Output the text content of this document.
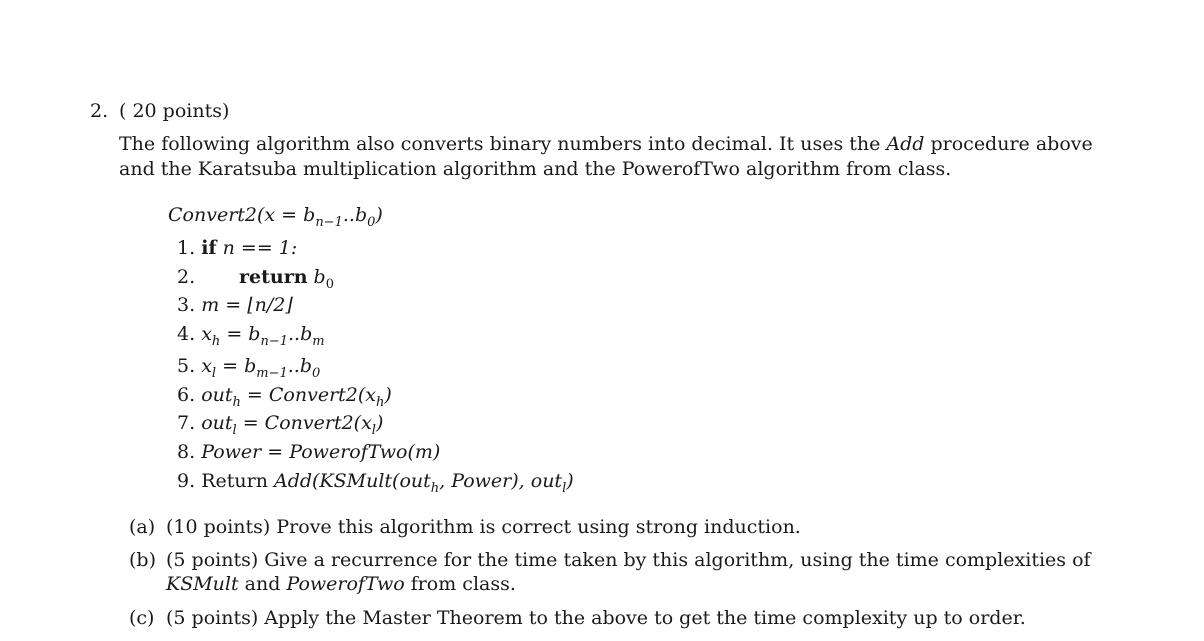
2. ( 20 points)
The following algorithm also converts binary numbers into decimal. It uses the Add procedure above
and the Karatsuba multiplication algorithm and the PowerofTwo algorithm from class.
Convert2(x = $b_{n-1}..b_0$)
1. if n == 1:
2. return $b_0$
3. m = ⌊n/2⌋
4. $x_h = b_{n-1}..b_m$
5. $x_l = b_{m-1}..b_0$
6. $out_h = Convert2(x_h)$
7. $out_l = Convert2(x_l)$
8. Power = PowerofTwo(m)
9. Return Add(KSMult(out$_h$, Power), out$_l$)
(a) (10 points) Prove this algorithm is correct using strong induction.
(b) (5 points) Give a recurrence for the time taken by this algorithm, using the time complexities of
KSMult and PowerofTwo from class.
(c) (5 points) Apply the Master Theorem to the above to get the time complexity up to order.
